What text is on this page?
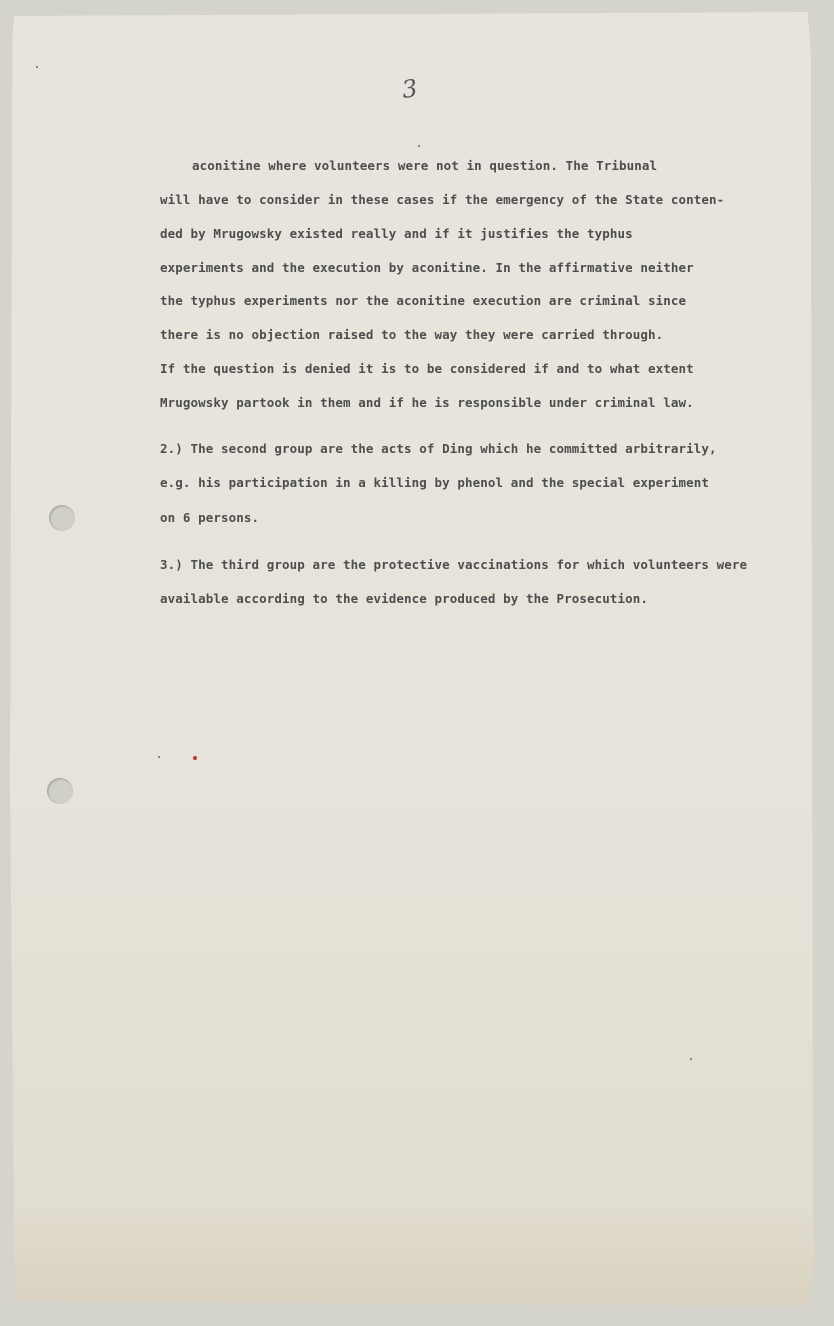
3
aconitine where volunteers were not in question. The Tribunal
will have to consider in these cases if the emergency of the State conten-
ded by Mrugowsky existed really and if it justifies the typhus
experiments and the execution by aconitine. In the affirmative neither
the typhus experiments nor the aconitine execution are criminal since
there is no objection raised to the way they were carried through.
If the question is denied it is to be considered if and to what extent
Mrugowsky partook in them and if he is responsible under criminal law.
2.) The second group are the acts of Ding which he committed arbitrarily,
e.g. his participation in a killing by phenol and the special experiment
on 6 persons.
3.) The third group are the protective vaccinations for which volunteers were
available according to the evidence produced by the Prosecution.
